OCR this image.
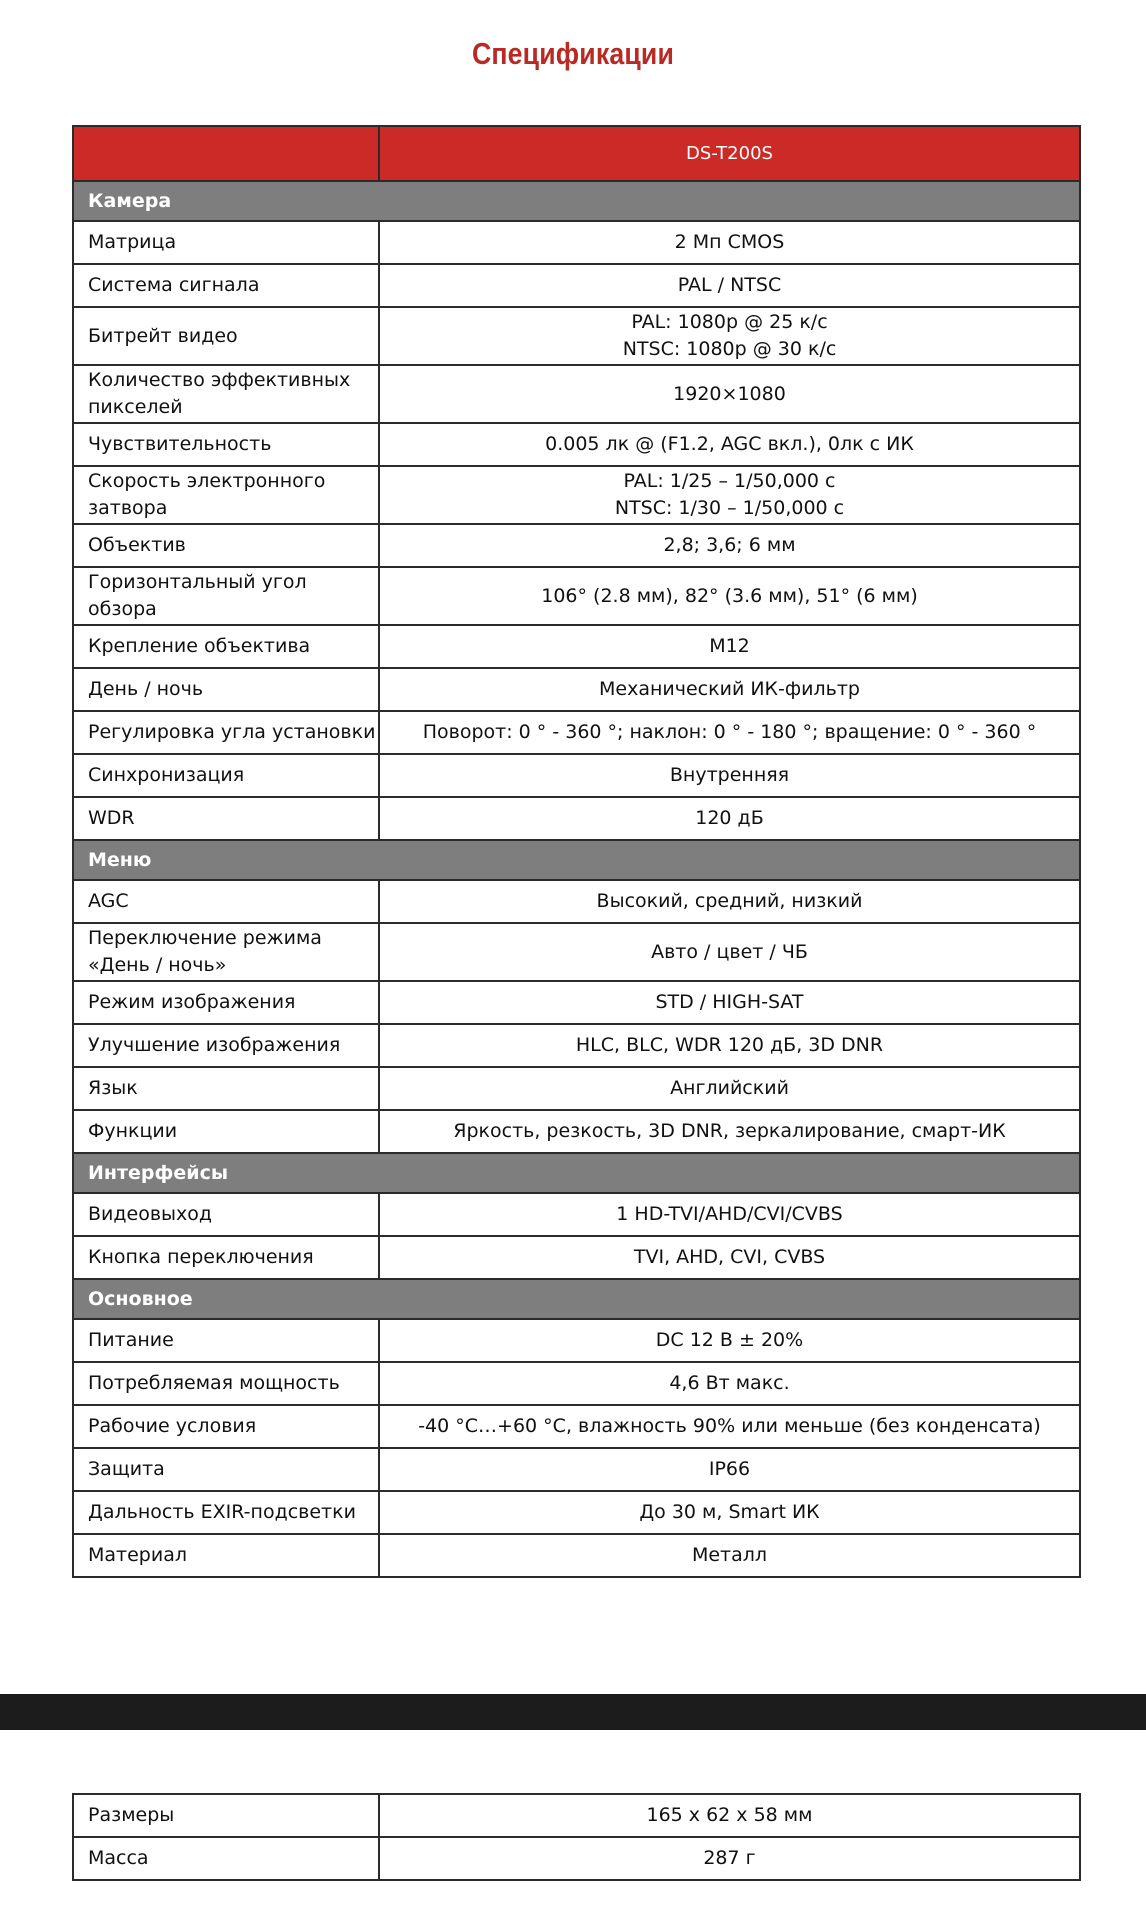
Спецификации
	DS-T200S
Камера	
Матрица	2 Мп CMOS
Система сигнала	PAL / NTSC
Битрейт видео	PAL: 1080p @ 25 к/с
NTSC: 1080p @ 30 к/с
Количество эффективных
пикселей	1920×1080
Чувствительность	0.005 лк @ (F1.2, AGC вкл.), 0лк с ИК
Скорость электронного
затвора	PAL: 1/25 – 1/50,000 с
NTSC: 1/30 – 1/50,000 с
Объектив	2,8; 3,6; 6 мм
Горизонтальный угол
обзора	106° (2.8 мм), 82° (3.6 мм), 51° (6 мм)
Крепление объектива	M12
День / ночь	Механический ИК-фильтр
Регулировка угла установки	Поворот: 0 ° - 360 °; наклон: 0 ° - 180 °; вращение: 0 ° - 360 °
Синхронизация	Внутренняя
WDR	120 дБ
Меню	
AGC	Высокий, средний, низкий
Переключение режима
«День / ночь»	Авто / цвет / ЧБ
Режим изображения	STD / HIGH-SAT
Улучшение изображения	HLC, BLC, WDR 120 дБ, 3D DNR
Язык	Английский
Функции	Яркость, резкость, 3D DNR, зеркалирование, смарт-ИК
Интерфейсы	
Видеовыход	1 HD-TVI/AHD/CVI/CVBS
Кнопка переключения	TVI, AHD, CVI, CVBS
Основное	
Питание	DC 12 В ± 20%
Потребляемая мощность	4,6 Вт макс.
Рабочие условия	-40 °C…+60 °C, влажность 90% или меньше (без конденсата)
Защита	IP66
Дальность EXIR-подсветки	До 30 м, Smart ИК
Материал	Металл
Размеры	165 x 62 x 58 мм
Масса	287 г
